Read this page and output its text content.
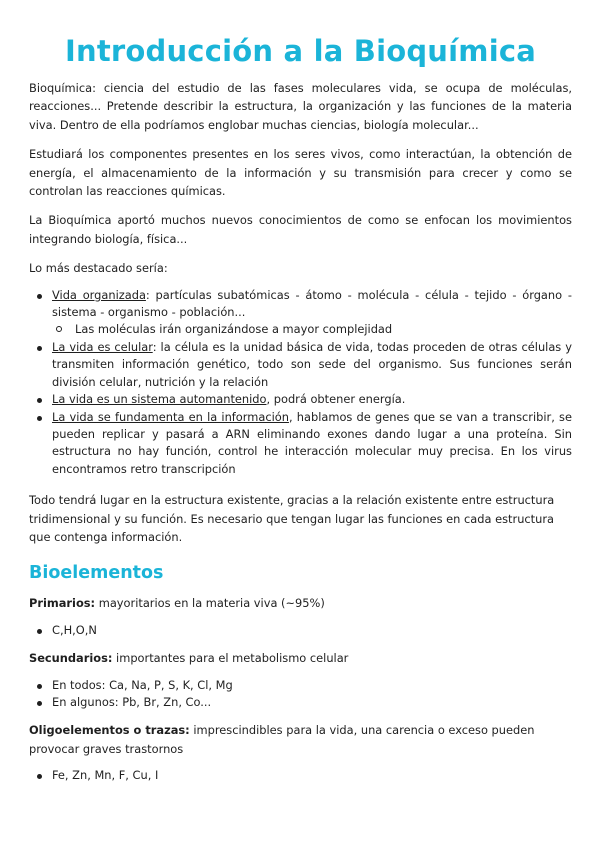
Introducción a la Bioquímica

Bioquímica: ciencia del estudio de las fases moleculares vida, se ocupa de moléculas, reacciones... Pretende describir la estructura, la organización y las funciones de la materia viva. Dentro de ella podríamos englobar muchas ciencias, biología molecular...

Estudiará los componentes presentes en los seres vivos, como interactúan, la obtención de energía, el almacenamiento de la información y su transmisión para crecer y como se controlan las reacciones químicas.

La Bioquímica aportó muchos nuevos conocimientos de como se enfocan los movimientos integrando biología, física...

Lo más destacado sería:

Vida organizada: partículas subatómicas - átomo - molécula - célula - tejido - órgano - sistema - organismo - población...
Las moléculas irán organizándose a mayor complejidad
La vida es celular: la célula es la unidad básica de vida, todas proceden de otras células y transmiten información genético, todo son sede del organismo. Sus funciones serán división celular, nutrición y la relación
La vida es un sistema automantenido, podrá obtener energía.
La vida se fundamenta en la información, hablamos de genes que se van a transcribir, se pueden replicar y pasará a ARN eliminando exones dando lugar a una proteína. Sin estructura no hay función, control he interacción molecular muy precisa. En los virus encontramos retro transcripción

Todo tendrá lugar en la estructura existente, gracias a la relación existente entre estructura tridimensional y su función. Es necesario que tengan lugar las funciones en cada estructura que contenga información.

Bioelementos

Primarios: mayoritarios en la materia viva (~95%)

C,H,O,N

Secundarios: importantes para el metabolismo celular

En todos: Ca, Na, P, S, K, Cl, Mg
En algunos: Pb, Br, Zn, Co...

Oligoelementos o trazas: imprescindibles para la vida, una carencia o exceso pueden provocar graves trastornos

Fe, Zn, Mn, F, Cu, I
